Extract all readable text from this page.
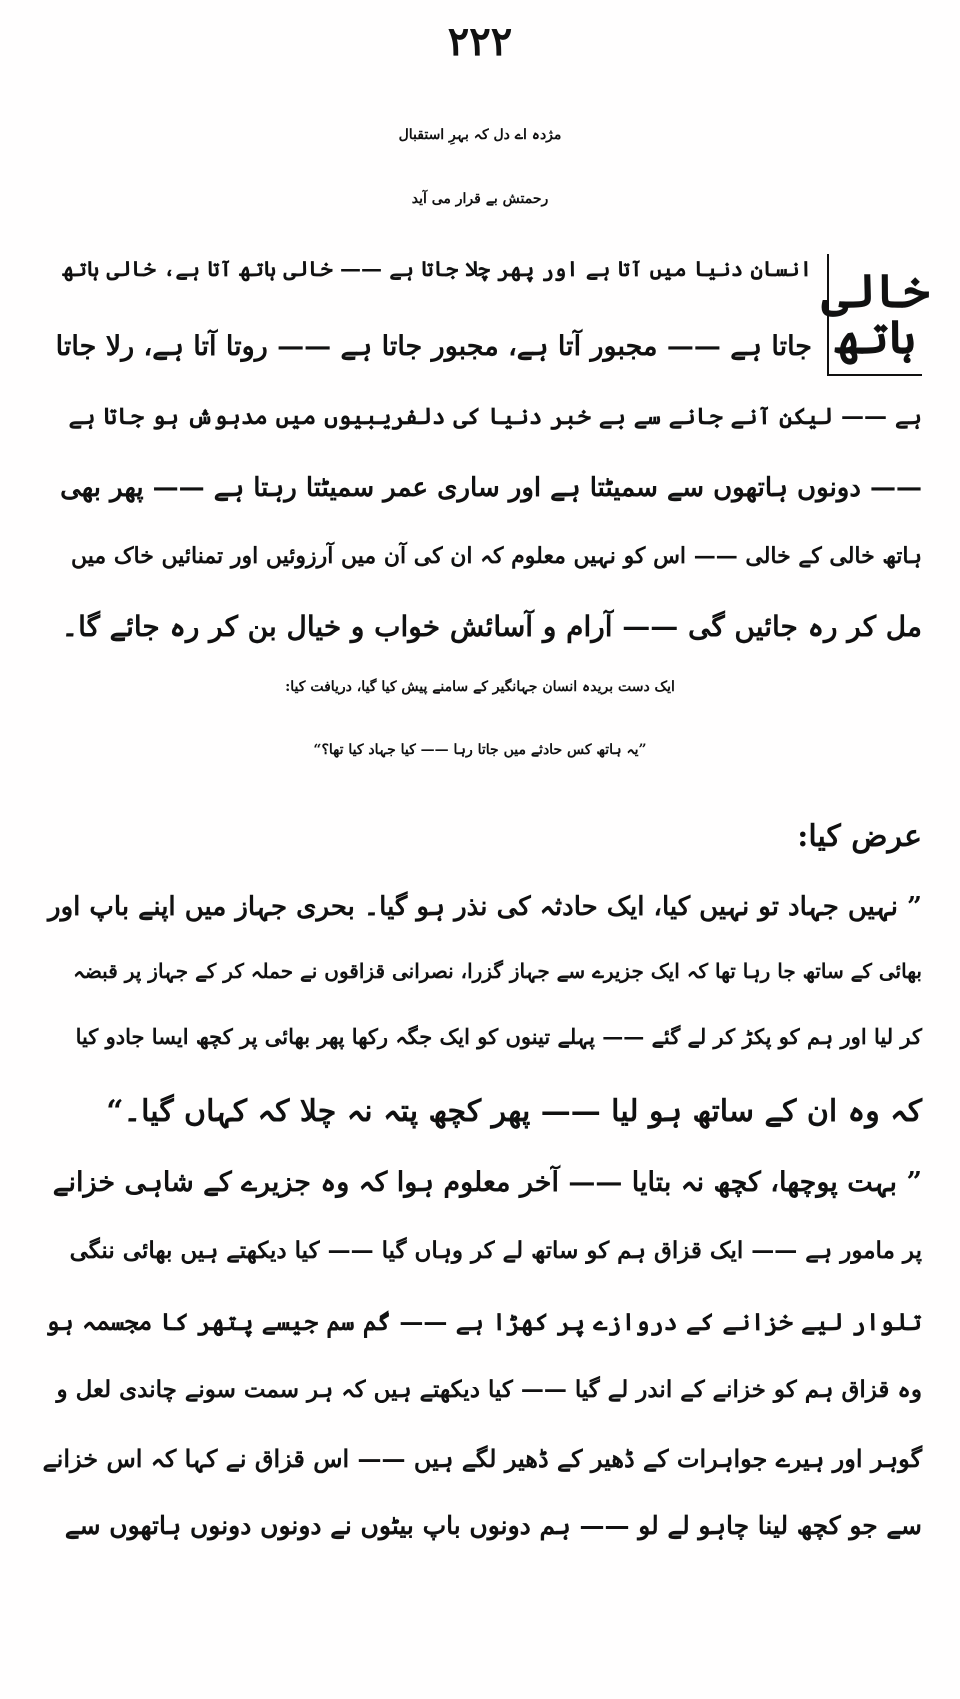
۲۲۲
مژدہ اے دل کہ بہرِ استقبال
رحمتش بے قرار می آید
خالی ہاتھ
انسان دنیا میں آتا ہے اور پھر چلا جاتا ہے —— خالی ہاتھ آتا ہے، خالی ہاتھ
جاتا ہے —— مجبور آتا ہے، مجبور جاتا ہے —— روتا آتا ہے، رلا جاتا
ہے —— لیکن آنے جانے سے بے خبر دنیا کی دلفریبیوں میں مدہوش ہو جاتا ہے
—— دونوں ہاتھوں سے سمیٹتا ہے اور ساری عمر سمیٹتا رہتا ہے —— پھر بھی
ہاتھ خالی کے خالی —— اس کو نہیں معلوم کہ ان کی آن میں آرزوئیں اور تمنائیں خاک میں
مل کر رہ جائیں گی —— آرام و آسائش خواب و خیال بن کر رہ جائے گا۔
ایک دست بریدہ انسان جہانگیر کے سامنے پیش کیا گیا، دریافت کیا:
”یہ ہاتھ کس حادثے میں جاتا رہا —— کیا جہاد کیا تھا؟“
عرض کیا:
” نہیں جہاد تو نہیں کیا، ایک حادثہ کی نذر ہو گیا۔ بحری جہاز میں اپنے باپ اور
بھائی کے ساتھ جا رہا تھا کہ ایک جزیرے سے جہاز گزرا، نصرانی قزاقوں نے حملہ کر کے جہاز پر قبضہ
کر لیا اور ہم کو پکڑ کر لے گئے —— پہلے تینوں کو ایک جگہ رکھا پھر بھائی پر کچھ ایسا جادو کیا
کہ وہ ان کے ساتھ ہو لیا —— پھر کچھ پتہ نہ چلا کہ کہاں گیا۔“
” بہت پوچھا، کچھ نہ بتایا —— آخر معلوم ہوا کہ وہ جزیرے کے شاہی خزانے
پر مامور ہے —— ایک قزاق ہم کو ساتھ لے کر وہاں گیا —— کیا دیکھتے ہیں بھائی ننگی
تلوار لیے خزانے کے دروازے پر کھڑا ہے —— گم سم جیسے پتھر کا مجسمہ ہو
وہ قزاق ہم کو خزانے کے اندر لے گیا —— کیا دیکھتے ہیں کہ ہر سمت سونے چاندی لعل و
گوہر اور ہیرے جواہرات کے ڈھیر کے ڈھیر لگے ہیں —— اس قزاق نے کہا کہ اس خزانے
سے جو کچھ لینا چاہو لے لو —— ہم دونوں باپ بیٹوں نے دونوں دونوں ہاتھوں سے
